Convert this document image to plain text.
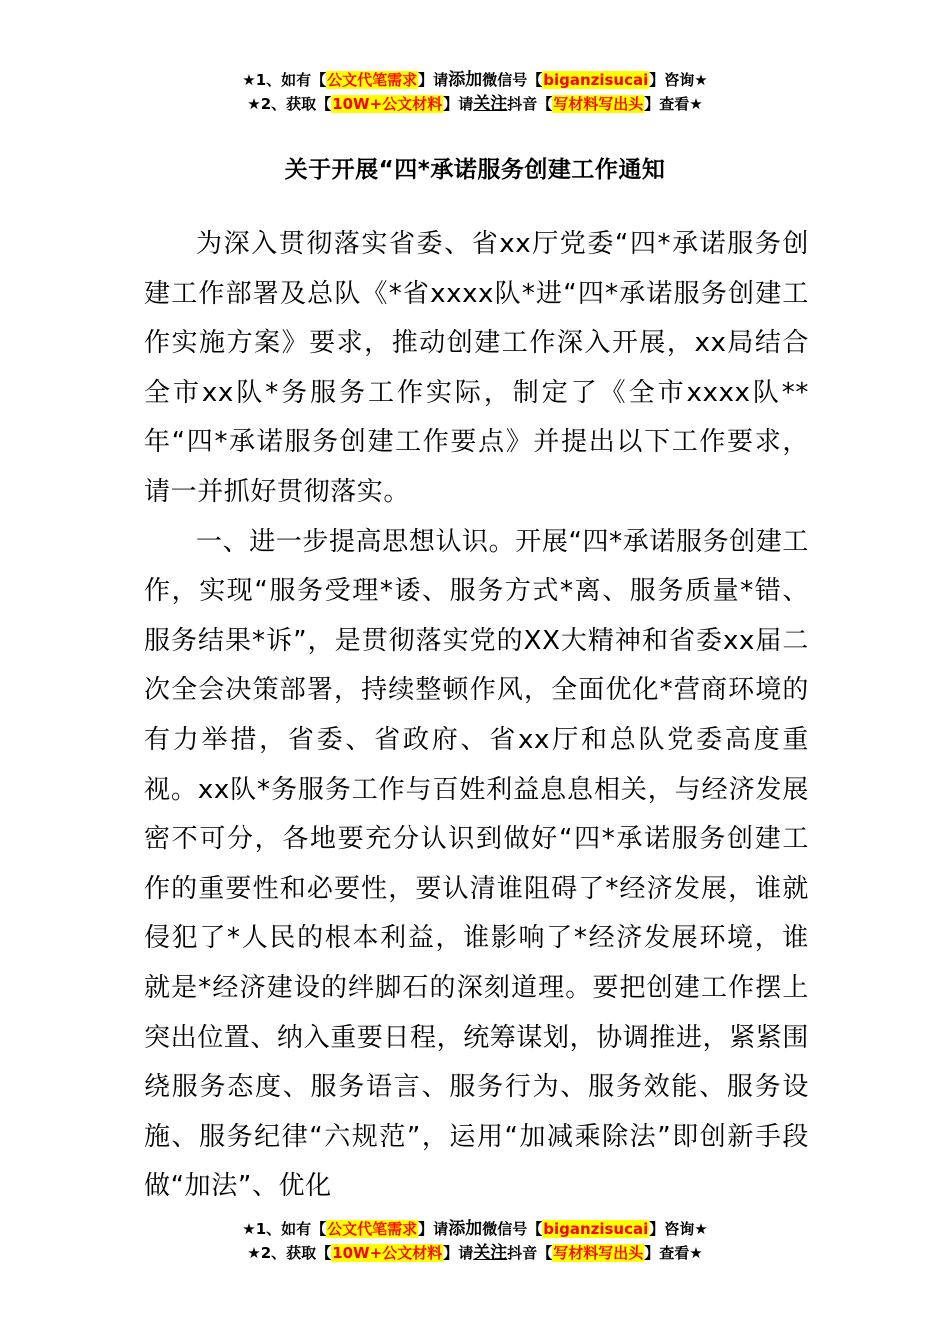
★1、如有【公文代笔需求】请添加微信号【biganzisucai】咨询★
★2、获取【10W+公文材料】请关注抖音【写材料写出头】查看★
关于开展“四*承诺服务创建工作通知

为深入贯彻落实省委、省xx厅党委“四*承诺服务创建工作部署及总队《*省xxxx队*进“四*承诺服务创建工作实施方案》要求，推动创建工作深入开展，xx局结合全市xx队*务服务工作实际，制定了《全市xxxx队**年“四*承诺服务创建工作要点》并提出以下工作要求，请一并抓好贯彻落实。

一、进一步提高思想认识。开展“四*承诺服务创建工作，实现“服务受理*诿、服务方式*离、服务质量*错、服务结果*诉”，是贯彻落实党的XX大精神和省委xx届二次全会决策部署，持续整顿作风，全面优化*营商环境的有力举措，省委、省政府、省xx厅和总队党委高度重视。xx队*务服务工作与百姓利益息息相关，与经济发展密不可分，各地要充分认识到做好“四*承诺服务创建工作的重要性和必要性，要认清谁阻碍了*经济发展，谁就侵犯了*人民的根本利益，谁影响了*经济发展环境，谁就是*经济建设的绊脚石的深刻道理。要把创建工作摆上突出位置、纳入重要日程，统筹谋划，协调推进，紧紧围绕服务态度、服务语言、服务行为、服务效能、服务设施、服务纪律“六规范”，运用“加减乘除法”即创新手段做“加法”、优化

★1、如有【公文代笔需求】请添加微信号【biganzisucai】咨询★
★2、获取【10W+公文材料】请关注抖音【写材料写出头】查看★
